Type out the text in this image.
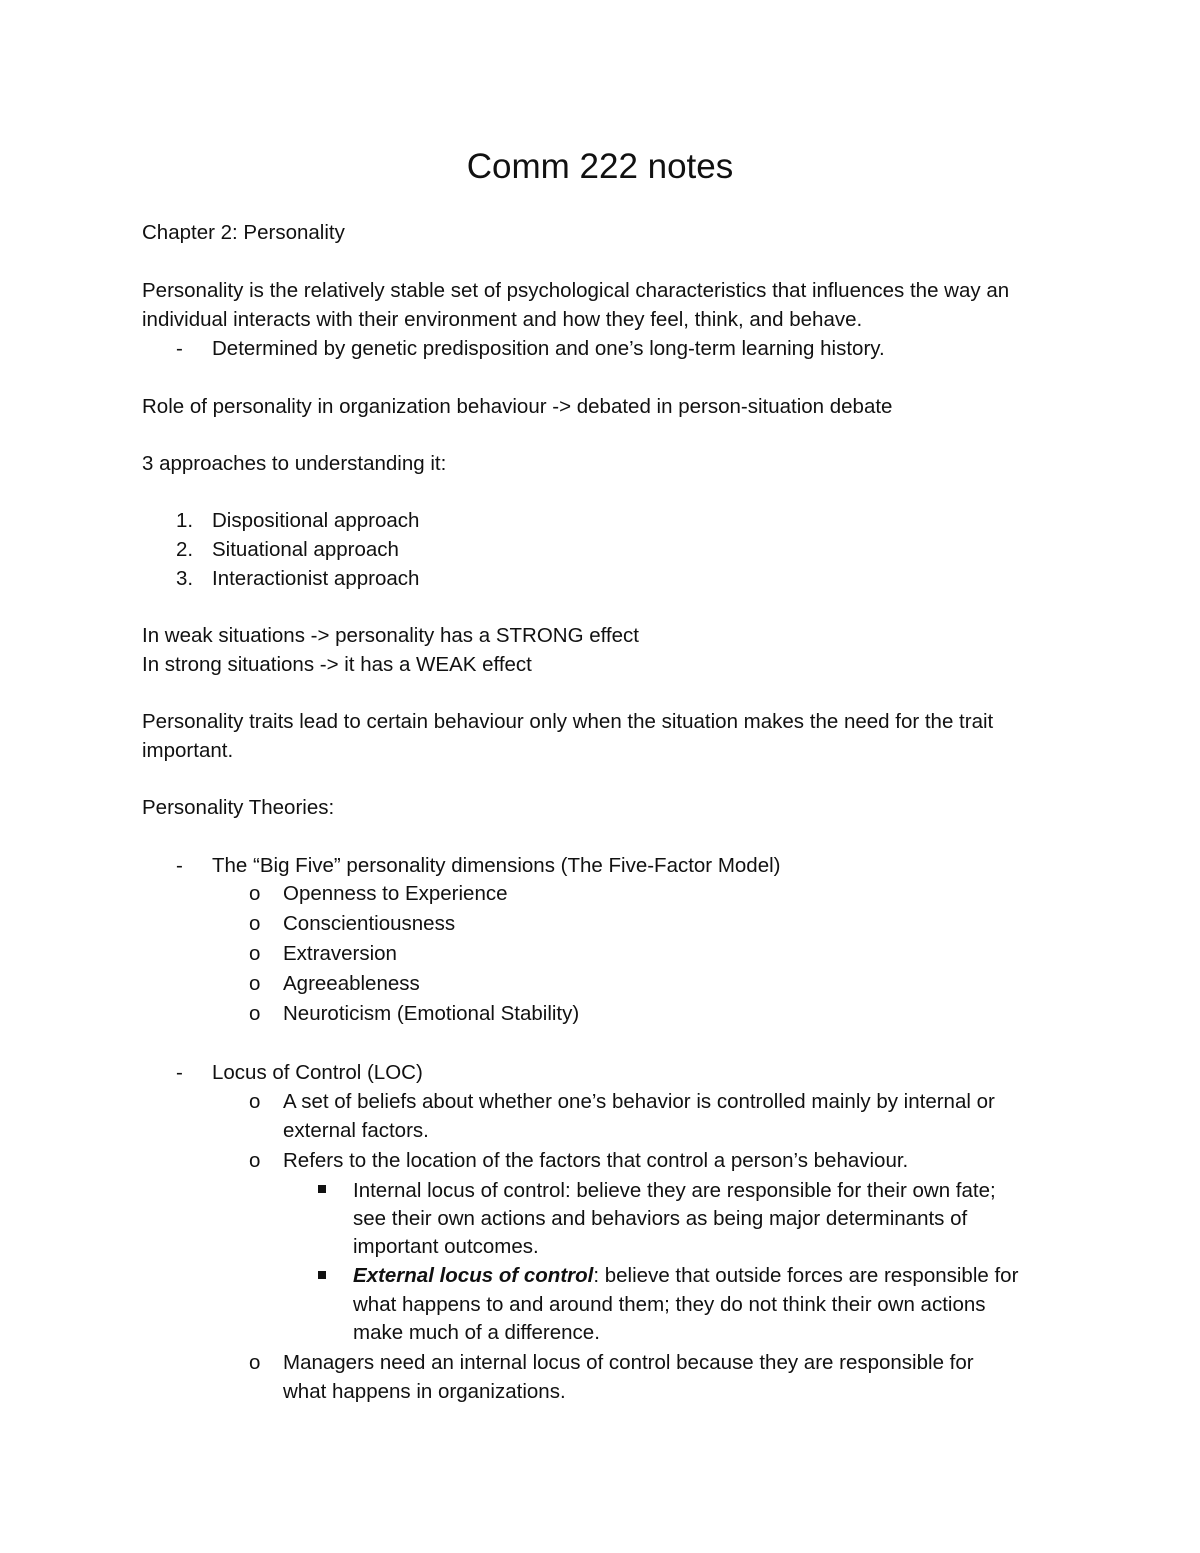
Comm 222 notes

Chapter 2: Personality

Personality is the relatively stable set of psychological characteristics that influences the way an

individual interacts with their environment and how they feel, think, and behave.

- Determined by genetic predisposition and one’s long-term learning history.

Role of personality in organization behaviour -> debated in person-situation debate

3 approaches to understanding it:

1. Dispositional approach

2. Situational approach

3. Interactionist approach

In weak situations -> personality has a STRONG effect

In strong situations -> it has a WEAK effect

Personality traits lead to certain behaviour only when the situation makes the need for the trait

important.

Personality Theories:

- The “Big Five” personality dimensions (The Five-Factor Model)

o Openness to Experience

o Conscientiousness

o Extraversion

o Agreeableness

o Neuroticism (Emotional Stability)

- Locus of Control (LOC)

o A set of beliefs about whether one’s behavior is controlled mainly by internal or

external factors.

o Refers to the location of the factors that control a person’s behaviour.

Internal locus of control: believe they are responsible for their own fate;

see their own actions and behaviors as being major determinants of

important outcomes.

External locus of control: believe that outside forces are responsible for

what happens to and around them; they do not think their own actions

make much of a difference.

o Managers need an internal locus of control because they are responsible for

what happens in organizations.
